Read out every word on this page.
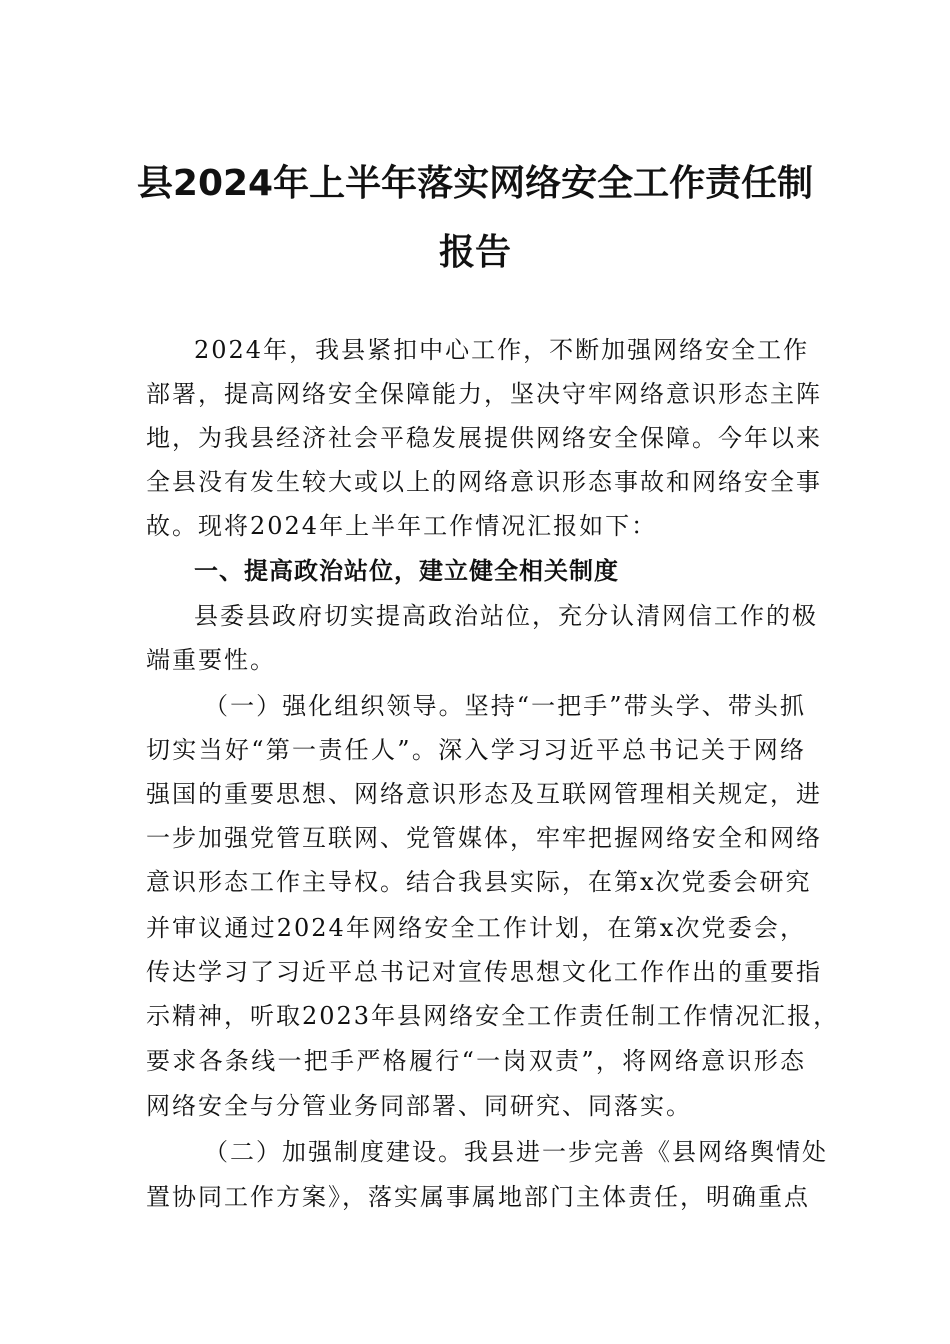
县2024年上半年落实网络安全工作责任制
报告
2024年，我县紧扣中心工作，不断加强网络安全工作
部署，提高网络安全保障能力，坚决守牢网络意识形态主阵
地，为我县经济社会平稳发展提供网络安全保障。今年以来
全县没有发生较大或以上的网络意识形态事故和网络安全事
故。现将2024年上半年工作情况汇报如下：
一、提高政治站位，建立健全相关制度
县委县政府切实提高政治站位，充分认清网信工作的极
端重要性。
（一）强化组织领导。坚持“一把手”带头学、带头抓
切实当好“第一责任人”。深入学习习近平总书记关于网络
强国的重要思想、网络意识形态及互联网管理相关规定，进
一步加强党管互联网、党管媒体，牢牢把握网络安全和网络
意识形态工作主导权。结合我县实际，在第x次党委会研究
并审议通过2024年网络安全工作计划，在第x次党委会，
传达学习了习近平总书记对宣传思想文化工作作出的重要指
示精神，听取2023年县网络安全工作责任制工作情况汇报，
要求各条线一把手严格履行“一岗双责”，将网络意识形态
网络安全与分管业务同部署、同研究、同落实。
（二）加强制度建设。我县进一步完善《县网络舆情处
置协同工作方案》，落实属事属地部门主体责任，明确重点
